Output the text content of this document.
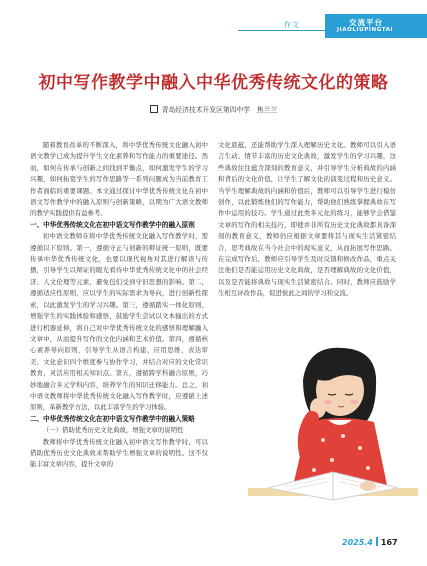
作文	交流平台
JIAOLIUPINGTAI
初中写作教学中融入中华优秀传统文化的策略
青岛经济技术开发区第四中学　焦兰兰

随着教育改革的不断深入，将中华优秀传统文化融入初中语文教学已成为提升学生文化素养和写作能力的重要途径。然而，如何在传承与创新之间找到平衡点，如何激发学生的学习兴趣，如何拓宽学生的写作思路等一系列问题成为当前教育工作者面临的重要课题。本文通过探讨中华优秀传统文化在初中语文写作教学中的融入原则与创新策略，以期为广大语文教师的教学实践提供有益参考。

一、中华优秀传统文化在初中语文写作教学中的融入原则

初中语文教师在将中华优秀传统文化融入写作教学时，需遵循以下原则。第一，遵循守正与创新的辩证统一原则，既要传承中华优秀传统文化，也要以现代视角对其进行解读与传播，引导学生以辩证的眼光看待中华优秀传统文化中的社会经济、人文伦理等元素，避免包们受到守旧思想的影响。第二，遵循适应性原则，应以学生的实际需求为导向，进行创新性探索，以此激发学生的学习兴趣。第三，遵循踏实一体化原则，增强学生的实践体验和感悟，鼓励学生尝试以文本输出的方式进行机器延伸，将自己对中华优秀传统文化的感悟和理解融入文章中，从而提升写作的文化内涵和艺术价值。第四，遵循核心素养导向原则，引导学生从语言构建、应用思维、表达审美、文化意识四个维度参与协作学习，并结合对应的文化常识教育，灵活应用相关知识点。第五，遵循跨学科融合原则，巧妙地融合多元学科内容，培养学生的知识迁移能力。总之，初中语文教师将中华优秀传统文化融入写作教学时，应遵循上述原则，革新教学方法，以此丰富学生的学习体验。

二、中华优秀传统文化在初中语文写作教学中的融入策略

（一）借助优秀历史文化典故，增强文章的说明性

教师将中华优秀传统文化融入初中语文写作教学时，可以借助优秀历史文化典故来帮助学生增强文章的说明性。这不仅能丰富文章内容，提升文章的

文化底蕴，还能帮助学生深入理解历史文化。教师可以引入语言生动、情节丰富的历史文化典故，激发学生的学习兴趣，这些典故往往蕴含深刻的教育意义，并引导学生分析典故的内涵和背后的文化价值，让学生了解文化的演变过程和历史意义。当学生理解典故的内涵和价值后，教师可以引导学生进行模仿创作，以此锻炼他们的写作能力，帮助他们熟练掌握典故在写作中运用的技巧。学生通过此类多元化的练习，能够学会借鉴文章的写作的相关技巧，即使并非所有历史文化典故都具备深刻的教育意义，教师仍应根据文章要将其与现实生活紧密结合，思考典故在当今社会中的现实意义，从而拓展写作思路。在完成写作后，教师应引导学生及时反馈和修改作品，重点关注他们是否能运用历史文化典故，是否理解典故的文化价值，以及是否能将典故与现实生活紧密结合。同时，教师应鼓励学生相互评改作品，促进彼此之间的学习和交流。

2025.4 167
